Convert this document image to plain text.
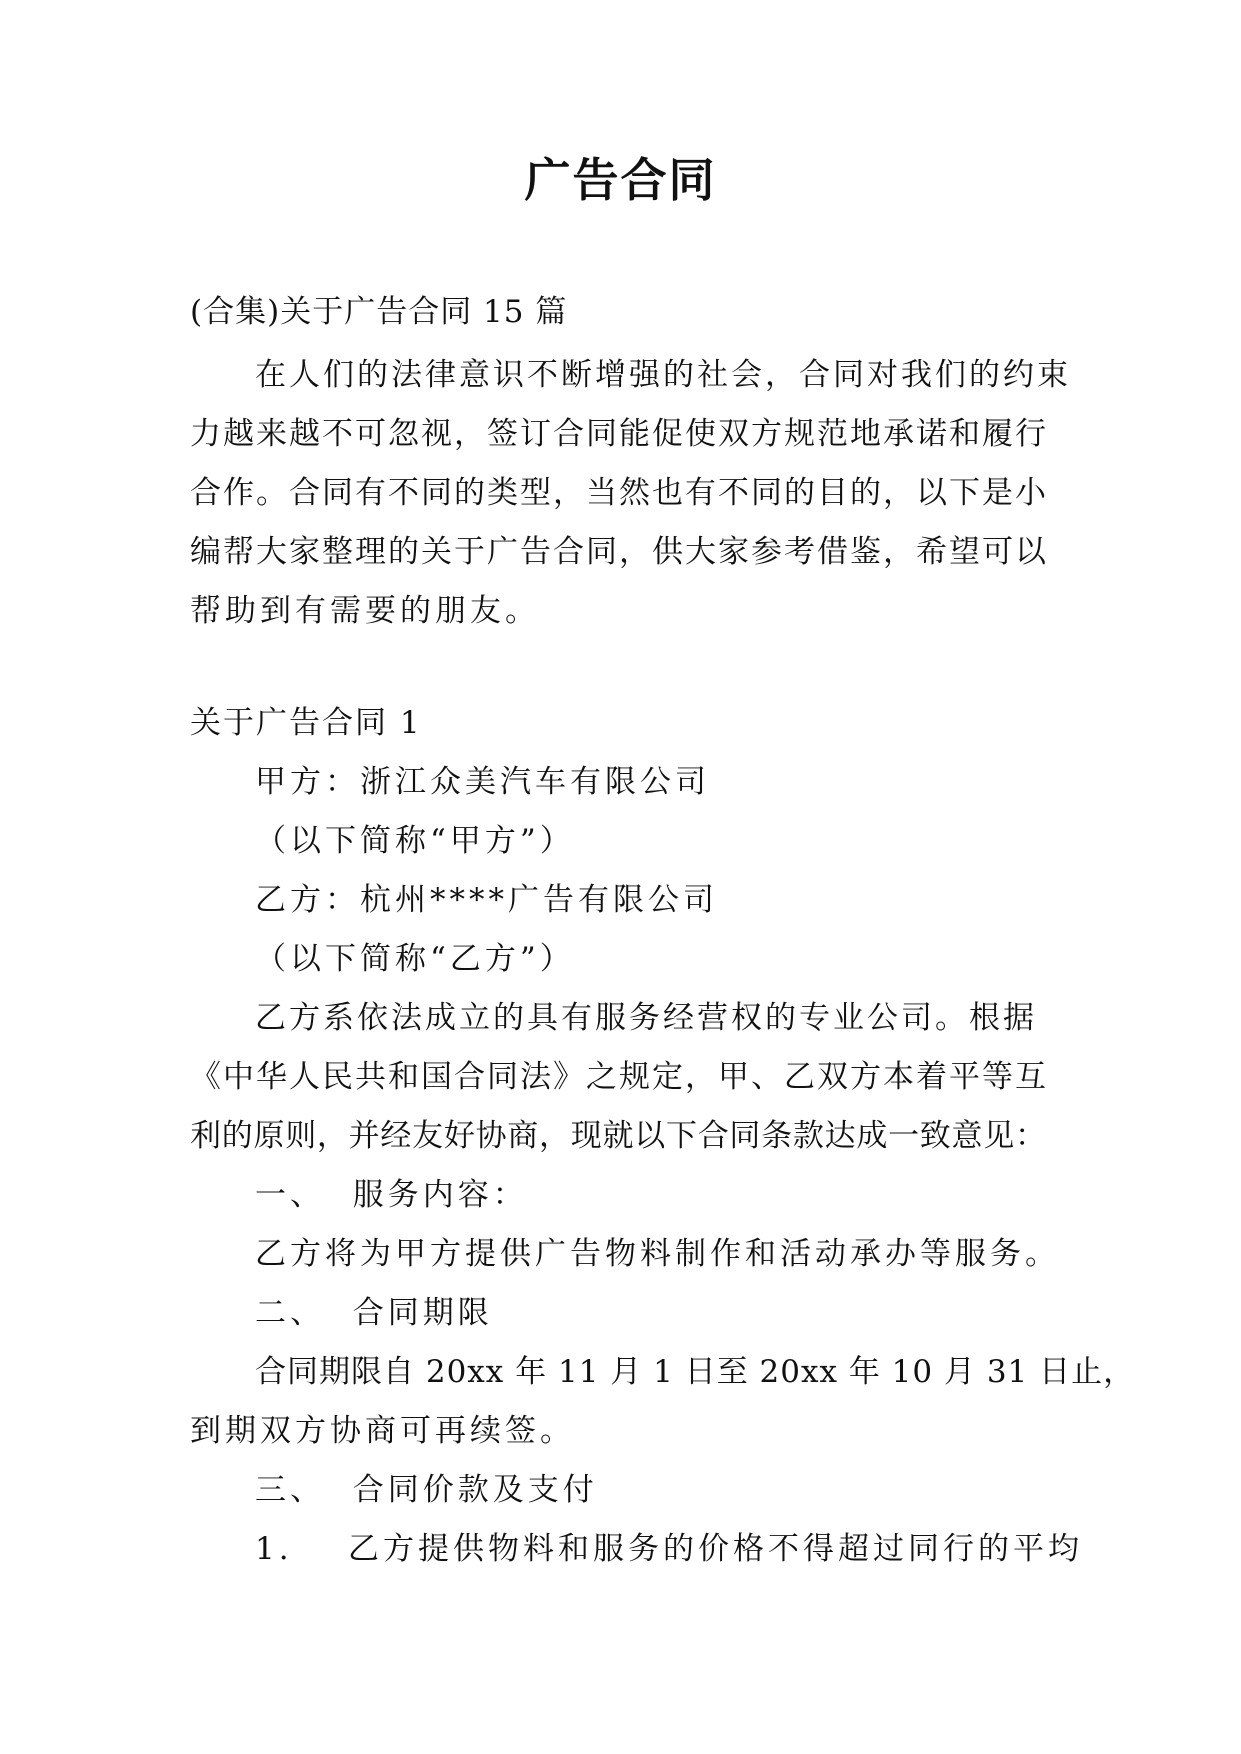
广告合同
(合集)关于广告合同 15 篇
在人们的法律意识不断增强的社会，合同对我们的约束
力越来越不可忽视，签订合同能促使双方规范地承诺和履行
合作。合同有不同的类型，当然也有不同的目的，以下是小
编帮大家整理的关于广告合同，供大家参考借鉴，希望可以
帮助到有需要的朋友。
关于广告合同 1
甲方：浙江众美汽车有限公司
（以下简称“甲方”）
乙方：杭州****广告有限公司
（以下简称“乙方”）
乙方系依法成立的具有服务经营权的专业公司。根据
《中华人民共和国合同法》之规定，甲、乙双方本着平等互
利的原则，并经友好协商，现就以下合同条款达成一致意见：
一、  服务内容：
乙方将为甲方提供广告物料制作和活动承办等服务。
二、  合同期限
合同期限自 20xx 年 11 月 1 日至 20xx 年 10 月 31 日止，
到期双方协商可再续签。
三、  合同价款及支付
1.    乙方提供物料和服务的价格不得超过同行的平均
